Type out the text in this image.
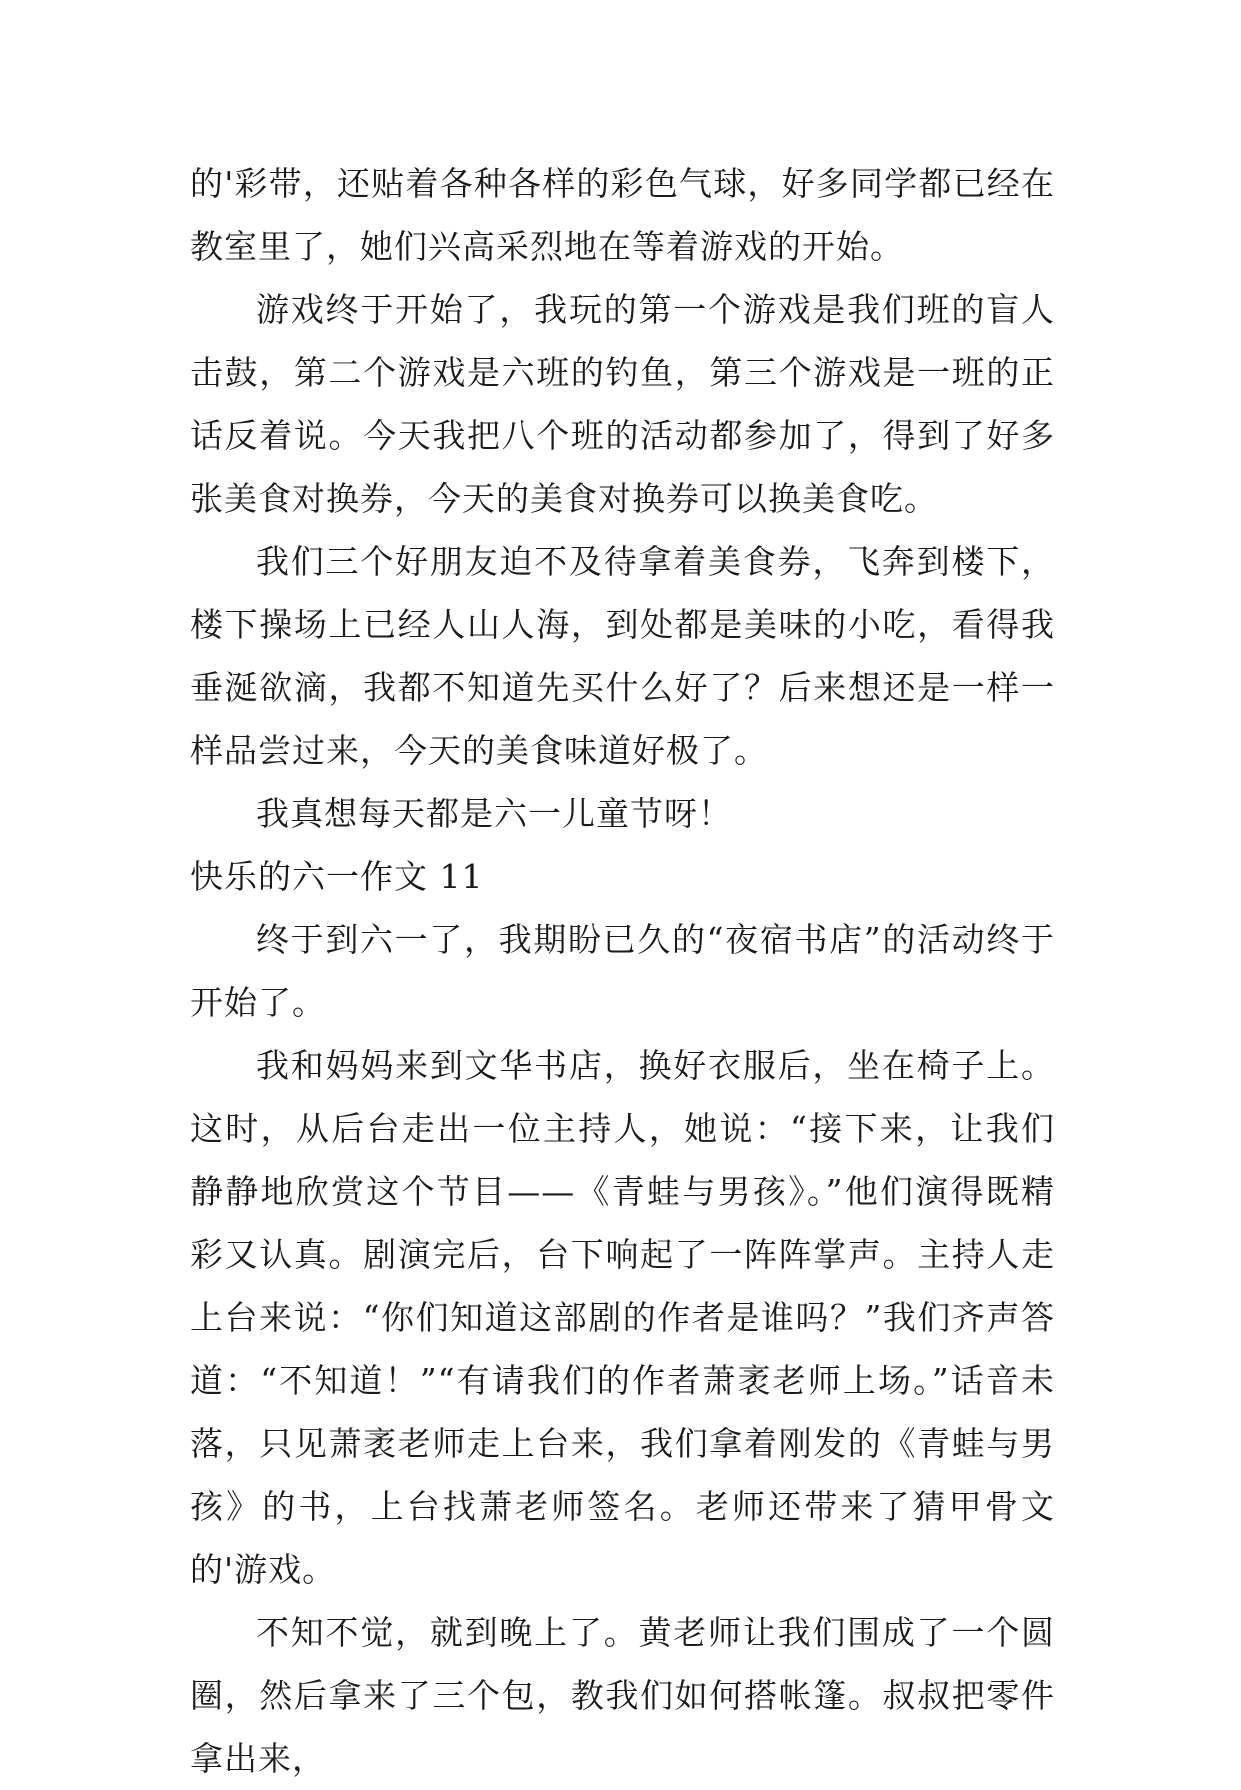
的'彩带，还贴着各种各样的彩色气球，好多同学都已经在教室里了，她们兴高采烈地在等着游戏的开始。

游戏终于开始了，我玩的第一个游戏是我们班的盲人击鼓，第二个游戏是六班的钓鱼，第三个游戏是一班的正话反着说。今天我把八个班的活动都参加了，得到了好多张美食对换券，今天的美食对换券可以换美食吃。

我们三个好朋友迫不及待拿着美食券，飞奔到楼下，楼下操场上已经人山人海，到处都是美味的小吃，看得我垂涎欲滴，我都不知道先买什么好了？后来想还是一样一样品尝过来，今天的美食味道好极了。

我真想每天都是六一儿童节呀！

快乐的六一作文 11

终于到六一了，我期盼已久的“夜宿书店”的活动终于开始了。

我和妈妈来到文华书店，换好衣服后，坐在椅子上。这时，从后台走出一位主持人，她说：“接下来，让我们静静地欣赏这个节目——《青蛙与男孩》。”他们演得既精彩又认真。剧演完后，台下响起了一阵阵掌声。主持人走上台来说：“你们知道这部剧的作者是谁吗？”我们齐声答道：“不知道！”“有请我们的作者萧袤老师上场。”话音未落，只见萧袤老师走上台来，我们拿着刚发的《青蛙与男孩》的书，上台找萧老师签名。老师还带来了猜甲骨文的'游戏。

不知不觉，就到晚上了。黄老师让我们围成了一个圆圈，然后拿来了三个包，教我们如何搭帐篷。叔叔把零件拿出来，
